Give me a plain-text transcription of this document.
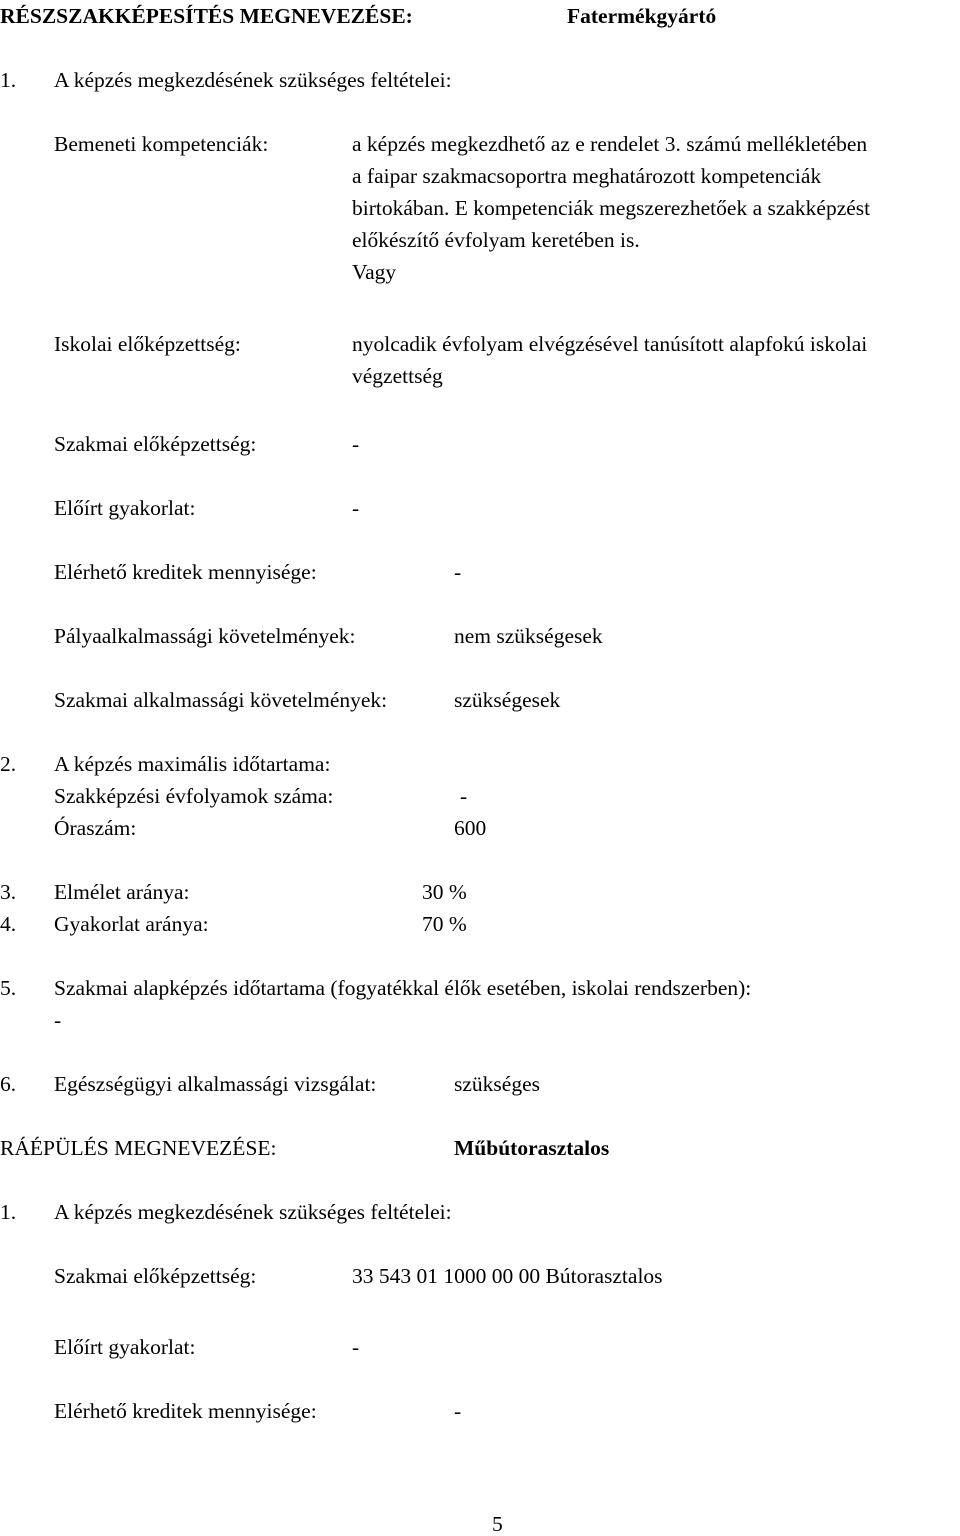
RÉSZSZAKKÉPESÍTÉS MEGNEVEZÉSE:	Fatermékgyártó
1. A képzés megkezdésének szükséges feltételei:
Bemeneti kompetenciák:	a képzés megkezdhető az e rendelet 3. számú mellékletében
a faipar szakmacsoportra meghatározott kompetenciák
birtokában. E kompetenciák megszerezhetőek a szakképzést
előkészítő évfolyam keretében is.
Vagy
Iskolai előképzettség:	nyolcadik évfolyam elvégzésével tanúsított alapfokú iskolai
végzettség
Szakmai előképzettség:	-
Előírt gyakorlat:	-
Elérhető kreditek mennyisége:	-
Pályaalkalmassági követelmények:	nem szükségesek
Szakmai alkalmassági követelmények:	szükségesek
2. A képzés maximális időtartama:
Szakképzési évfolyamok száma:	-
Óraszám:	600
3. Elmélet aránya:	30 %
4. Gyakorlat aránya:	70 %
5. Szakmai alapképzés időtartama (fogyatékkal élők esetében, iskolai rendszerben):
-
6. Egészségügyi alkalmassági vizsgálat:	szükséges
RÁÉPÜLÉS MEGNEVEZÉSE:	Műbútorasztalos
1. A képzés megkezdésének szükséges feltételei:
Szakmai előképzettség:	33 543 01 1000 00 00 Bútorasztalos
Előírt gyakorlat:	-
Elérhető kreditek mennyisége:	-
5
